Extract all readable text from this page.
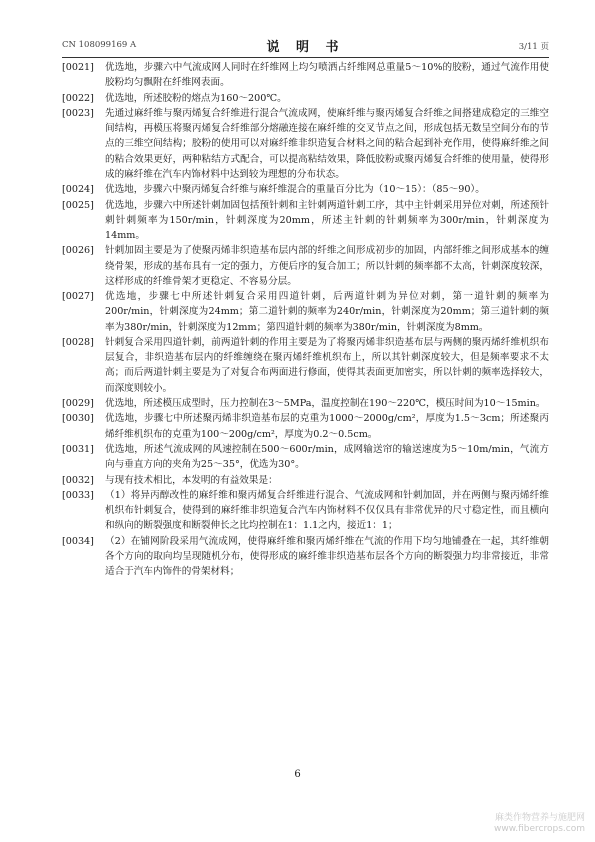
CN 108099169 A	说 明 书	3/11 页
[0021]	优选地，步骤六中气流成网人同时在纤维网上均匀喷洒占纤维网总重量5～10%的胶粉，通过气流作用使胶粉均匀飘附在纤维网表面。
[0022]	优选地，所述胶粉的熔点为160～200℃。
[0023]	先通过麻纤维与聚丙烯复合纤维进行混合气流成网，使麻纤维与聚丙烯复合纤维之间搭建成稳定的三维空间结构，再模压将聚丙烯复合纤维部分熔融连接在麻纤维的交叉节点之间，形成包括无数呈空间分布的节点的三维空间结构；胶粉的使用可以对麻纤维非织造复合材料之间的粘合起到补充作用，使得麻纤维之间的粘合效果更好，两种粘结方式配合，可以提高粘结效果，降低胶粉或聚丙烯复合纤维的使用量，使得形成的麻纤维在汽车内饰材料中达到较为理想的分布状态。
[0024]	优选地，步骤六中聚丙烯复合纤维与麻纤维混合的重量百分比为（10～15）：（85～90）。
[0025]	优选地，步骤六中所述针刺加固包括预针刺和主针刺两道针刺工序，其中主针刺采用异位对刺，所述预针刺针刺频率为150r/min，针刺深度为20mm，所述主针刺的针刺频率为300r/min，针刺深度为14mm。
[0026]	针刺加固主要是为了使聚丙烯非织造基布层内部的纤维之间形成初步的加固，内部纤维之间形成基本的缠绕骨架，形成的基布具有一定的强力，方便后序的复合加工；所以针刺的频率都不太高，针刺深度较深，这样形成的纤维骨架才更稳定、不容易分层。
[0027]	优选地，步骤七中所述针刺复合采用四道针刺，后两道针刺为异位对刺，第一道针刺的频率为200r/min，针刺深度为24mm；第二道针刺的频率为240r/min，针刺深度为20mm；第三道针刺的频率为380r/min，针刺深度为12mm；第四道针刺的频率为380r/min，针刺深度为8mm。
[0028]	针刺复合采用四道针刺，前两道针刺的作用主要是为了将聚丙烯非织造基布层与两侧的聚丙烯纤维机织布层复合，非织造基布层内的纤维缠绕在聚丙烯纤维机织布上，所以其针刺深度较大，但是频率要求不太高；而后两道针刺主要是为了对复合布两面进行修面，使得其表面更加密实，所以针刺的频率选择较大，而深度则较小。
[0029]	优选地，所述模压成型时，压力控制在3～5MPa，温度控制在190～220℃，模压时间为10～15min。
[0030]	优选地，步骤七中所述聚丙烯非织造基布层的克重为1000～2000g/cm²，厚度为1.5～3cm；所述聚丙烯纤维机织布的克重为100～200g/cm²，厚度为0.2～0.5cm。
[0031]	优选地，所述气流成网的风速控制在500～600r/min，成网输送帘的输送速度为5～10m/min，气流方向与垂直方向的夹角为25～35°，优选为30°。
[0032]	与现有技术相比，本发明的有益效果是：
[0033]	（1）将异丙醇改性的麻纤维和聚丙烯复合纤维进行混合、气流成网和针刺加固，并在两侧与聚丙烯纤维机织布针刺复合，使得到的麻纤维非织造复合汽车内饰材料不仅仅具有非常优异的尺寸稳定性，而且横向和纵向的断裂强度和断裂伸长之比均控制在1：1.1之内，接近1：1；
[0034]	（2）在铺网阶段采用气流成网，使得麻纤维和聚丙烯纤维在气流的作用下均匀地铺叠在一起，其纤维朝各个方向的取向均呈现随机分布，使得形成的麻纤维非织造基布层各个方向的断裂强力均非常接近，非常适合于汽车内饰件的骨架材料；
6
麻类作物营养与施肥网
www.fibercrops.com
